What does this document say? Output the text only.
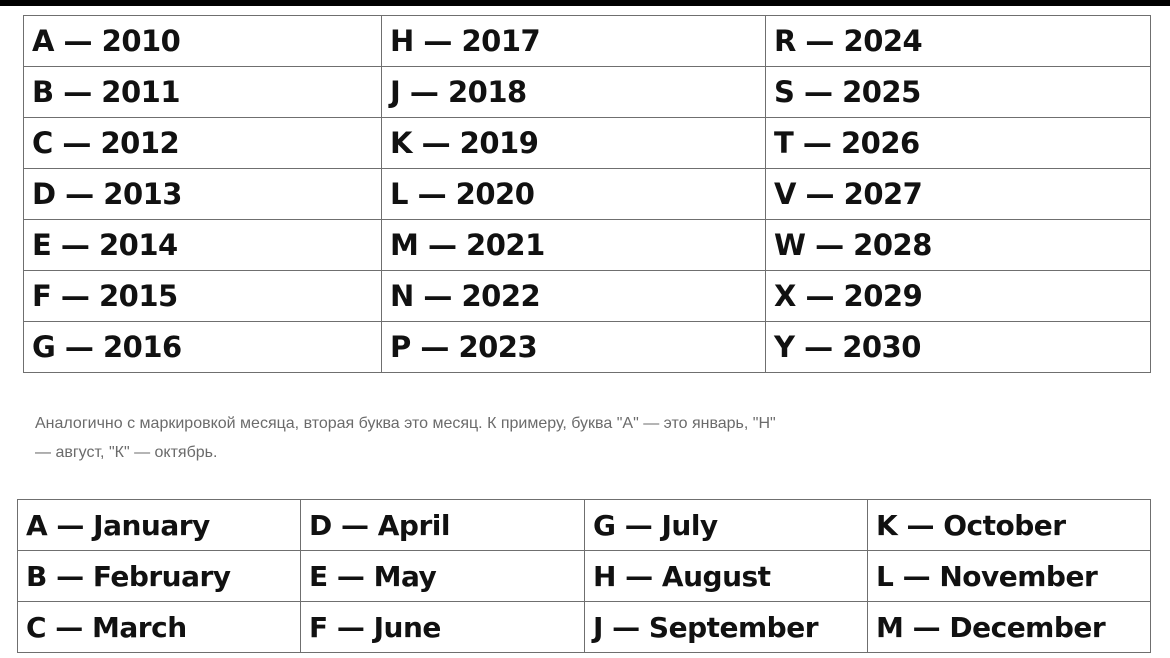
A — 2010	H — 2017	R — 2024
B — 2011	J — 2018	S — 2025
C — 2012	K — 2019	T — 2026
D — 2013	L — 2020	V — 2027
E — 2014	M — 2021	W — 2028
F — 2015	N — 2022	X — 2029
G — 2016	P — 2023	Y — 2030

Аналогично с маркировкой месяца, вторая буква это месяц. К примеру, буква "А" — это январь, "Н"
— август, "К" — октябрь.

A — January	D — April	G — July	K — October
B — February	E — May	H — August	L — November
C — March	F — June	J — September	M — December
